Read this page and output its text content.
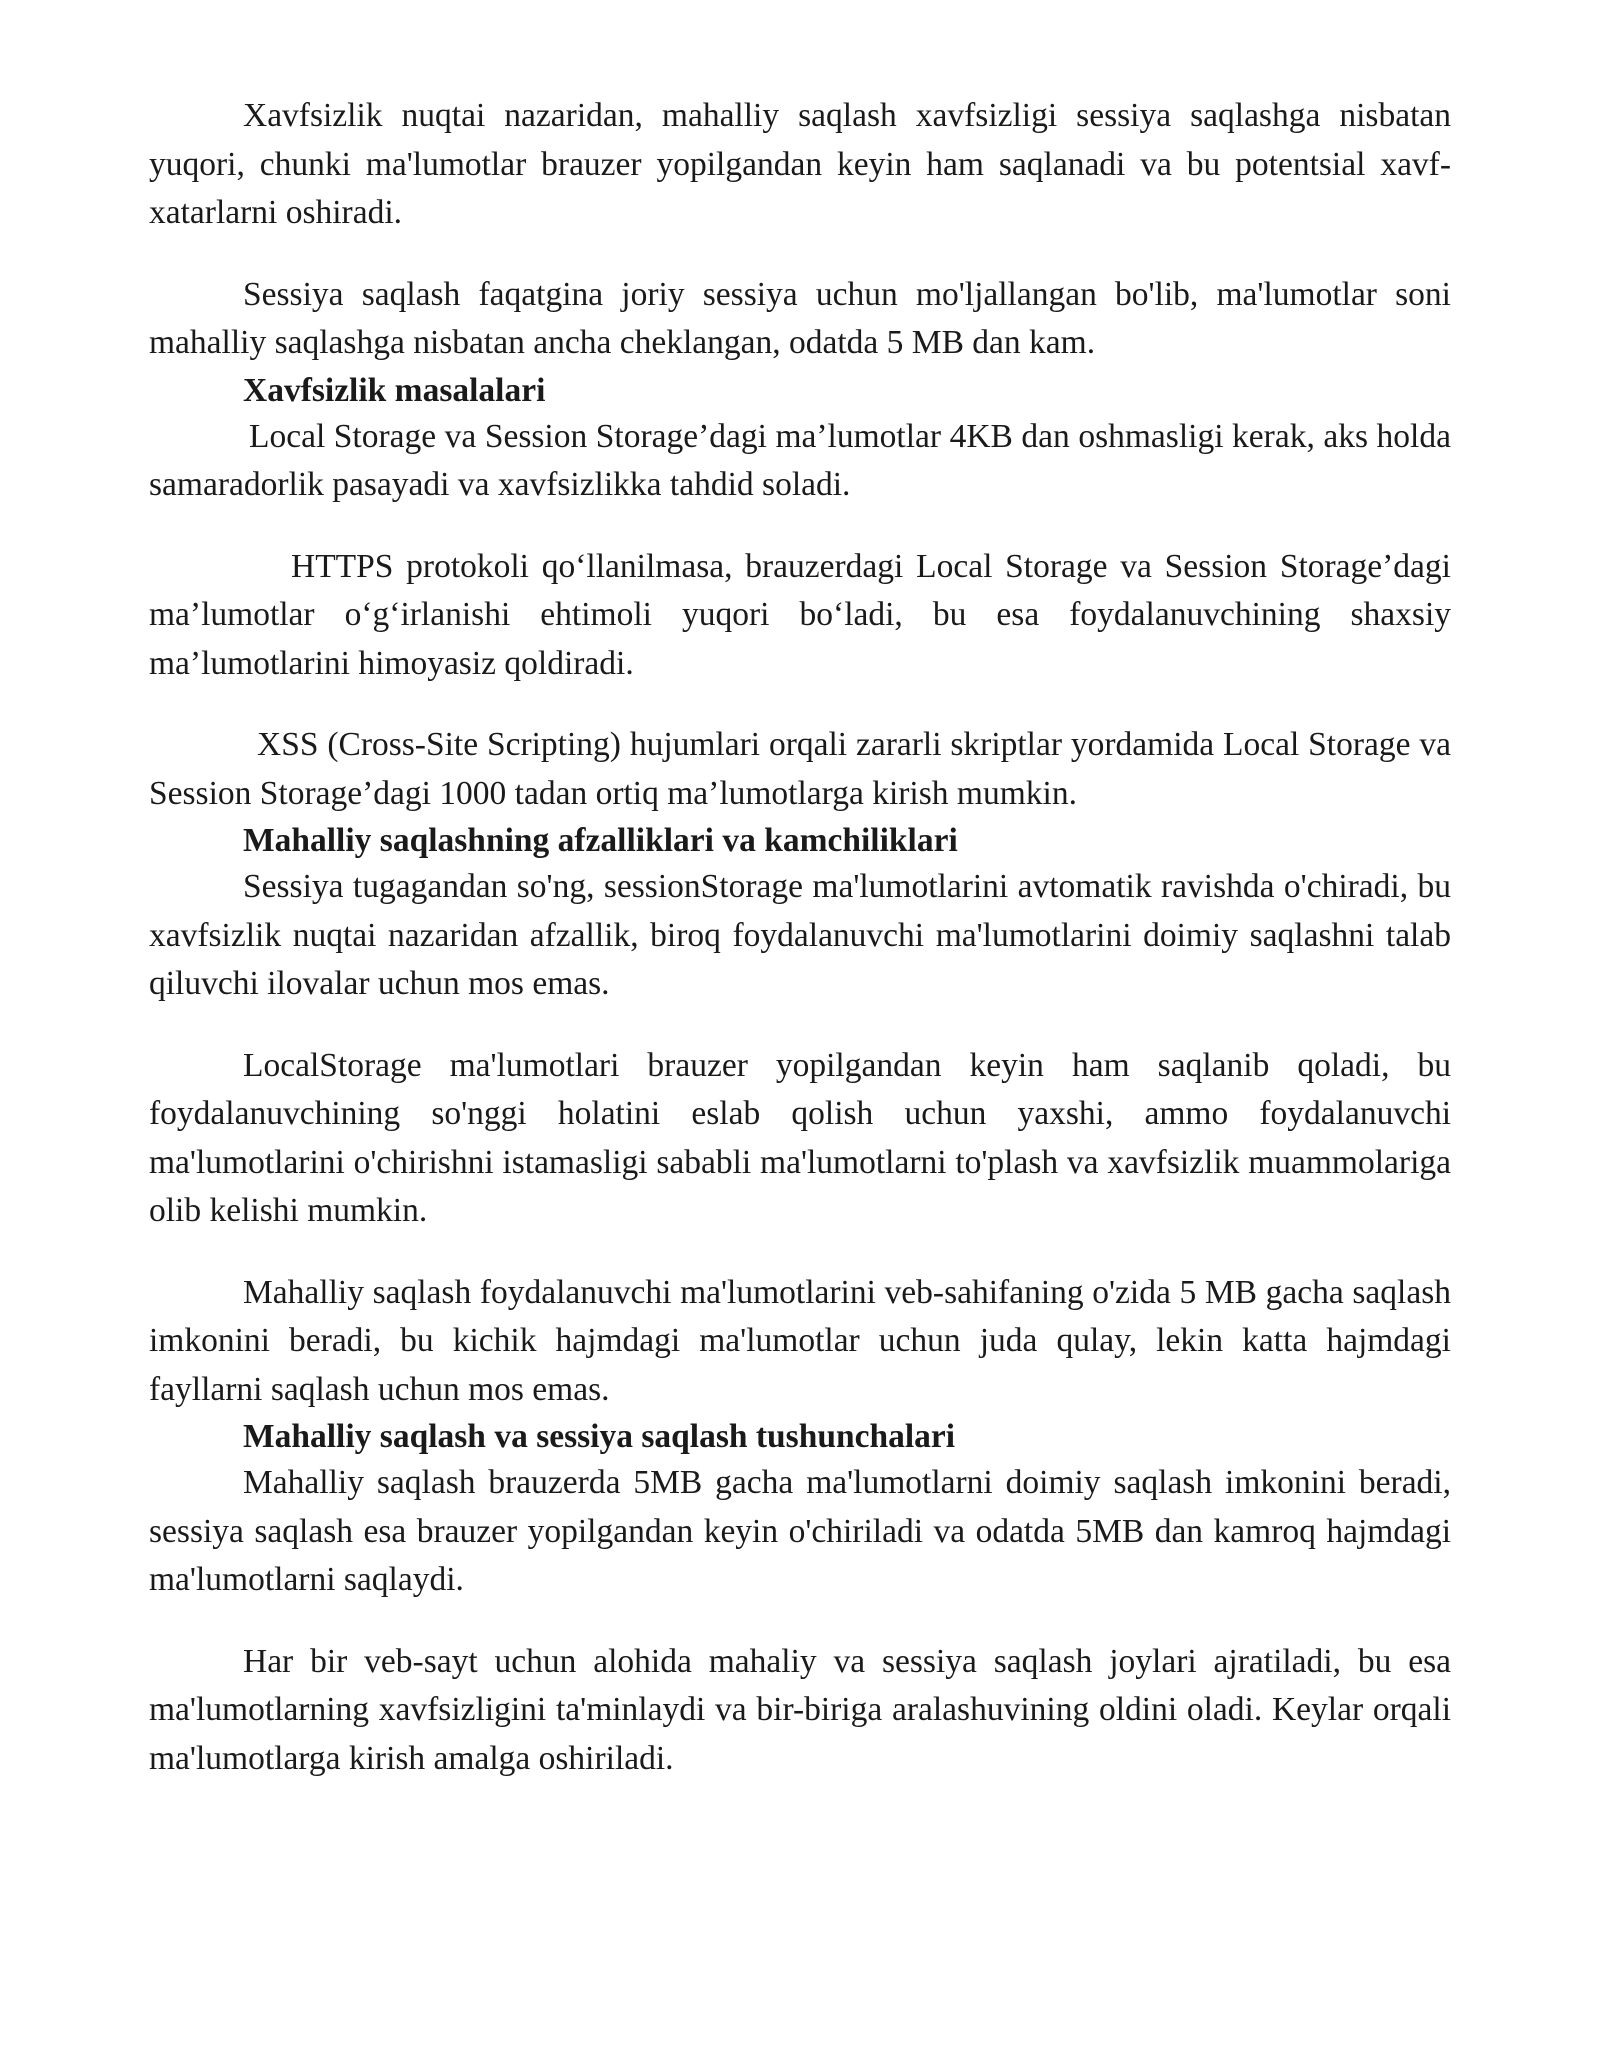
Xavfsizlik nuqtai nazaridan, mahalliy saqlash xavfsizligi sessiya saqlashga nisbatan yuqori, chunki ma'lumotlar brauzer yopilgandan keyin ham saqlanadi va bu potentsial xavf-xatarlarni oshiradi.

Sessiya saqlash faqatgina joriy sessiya uchun mo'ljallangan bo'lib, ma'lumotlar soni mahalliy saqlashga nisbatan ancha cheklangan, odatda 5 MB dan kam.

Xavfsizlik masalalari

Local Storage va Session Storage’dagi ma’lumotlar 4KB dan oshmasligi kerak, aks holda samaradorlik pasayadi va xavfsizlikka tahdid soladi.

HTTPS protokoli qo‘llanilmasa, brauzerdagi Local Storage va Session Storage’dagi ma’lumotlar o‘g‘irlanishi ehtimoli yuqori bo‘ladi, bu esa foydalanuvchining shaxsiy ma’lumotlarini himoyasiz qoldiradi.

XSS (Cross-Site Scripting) hujumlari orqali zararli skriptlar yordamida Local Storage va Session Storage’dagi 1000 tadan ortiq ma’lumotlarga kirish mumkin.

Mahalliy saqlashning afzalliklari va kamchiliklari

Sessiya tugagandan so'ng, sessionStorage ma'lumotlarini avtomatik ravishda o'chiradi, bu xavfsizlik nuqtai nazaridan afzallik, biroq foydalanuvchi ma'lumotlarini doimiy saqlashni talab qiluvchi ilovalar uchun mos emas.

LocalStorage ma'lumotlari brauzer yopilgandan keyin ham saqlanib qoladi, bu foydalanuvchining so'nggi holatini eslab qolish uchun yaxshi, ammo foydalanuvchi ma'lumotlarini o'chirishni istamasligi sababli ma'lumotlarni to'plash va xavfsizlik muammolariga olib kelishi mumkin.

Mahalliy saqlash foydalanuvchi ma'lumotlarini veb-sahifaning o'zida 5 MB gacha saqlash imkonini beradi, bu kichik hajmdagi ma'lumotlar uchun juda qulay, lekin katta hajmdagi fayllarni saqlash uchun mos emas.

Mahalliy saqlash va sessiya saqlash tushunchalari

Mahalliy saqlash brauzerda 5MB gacha ma'lumotlarni doimiy saqlash imkonini beradi, sessiya saqlash esa brauzer yopilgandan keyin o'chiriladi va odatda 5MB dan kamroq hajmdagi ma'lumotlarni saqlaydi.

Har bir veb-sayt uchun alohida mahaliy va sessiya saqlash joylari ajratiladi, bu esa ma'lumotlarning xavfsizligini ta'minlaydi va bir-biriga aralashuvining oldini oladi. Keylar orqali ma'lumotlarga kirish amalga oshiriladi.
